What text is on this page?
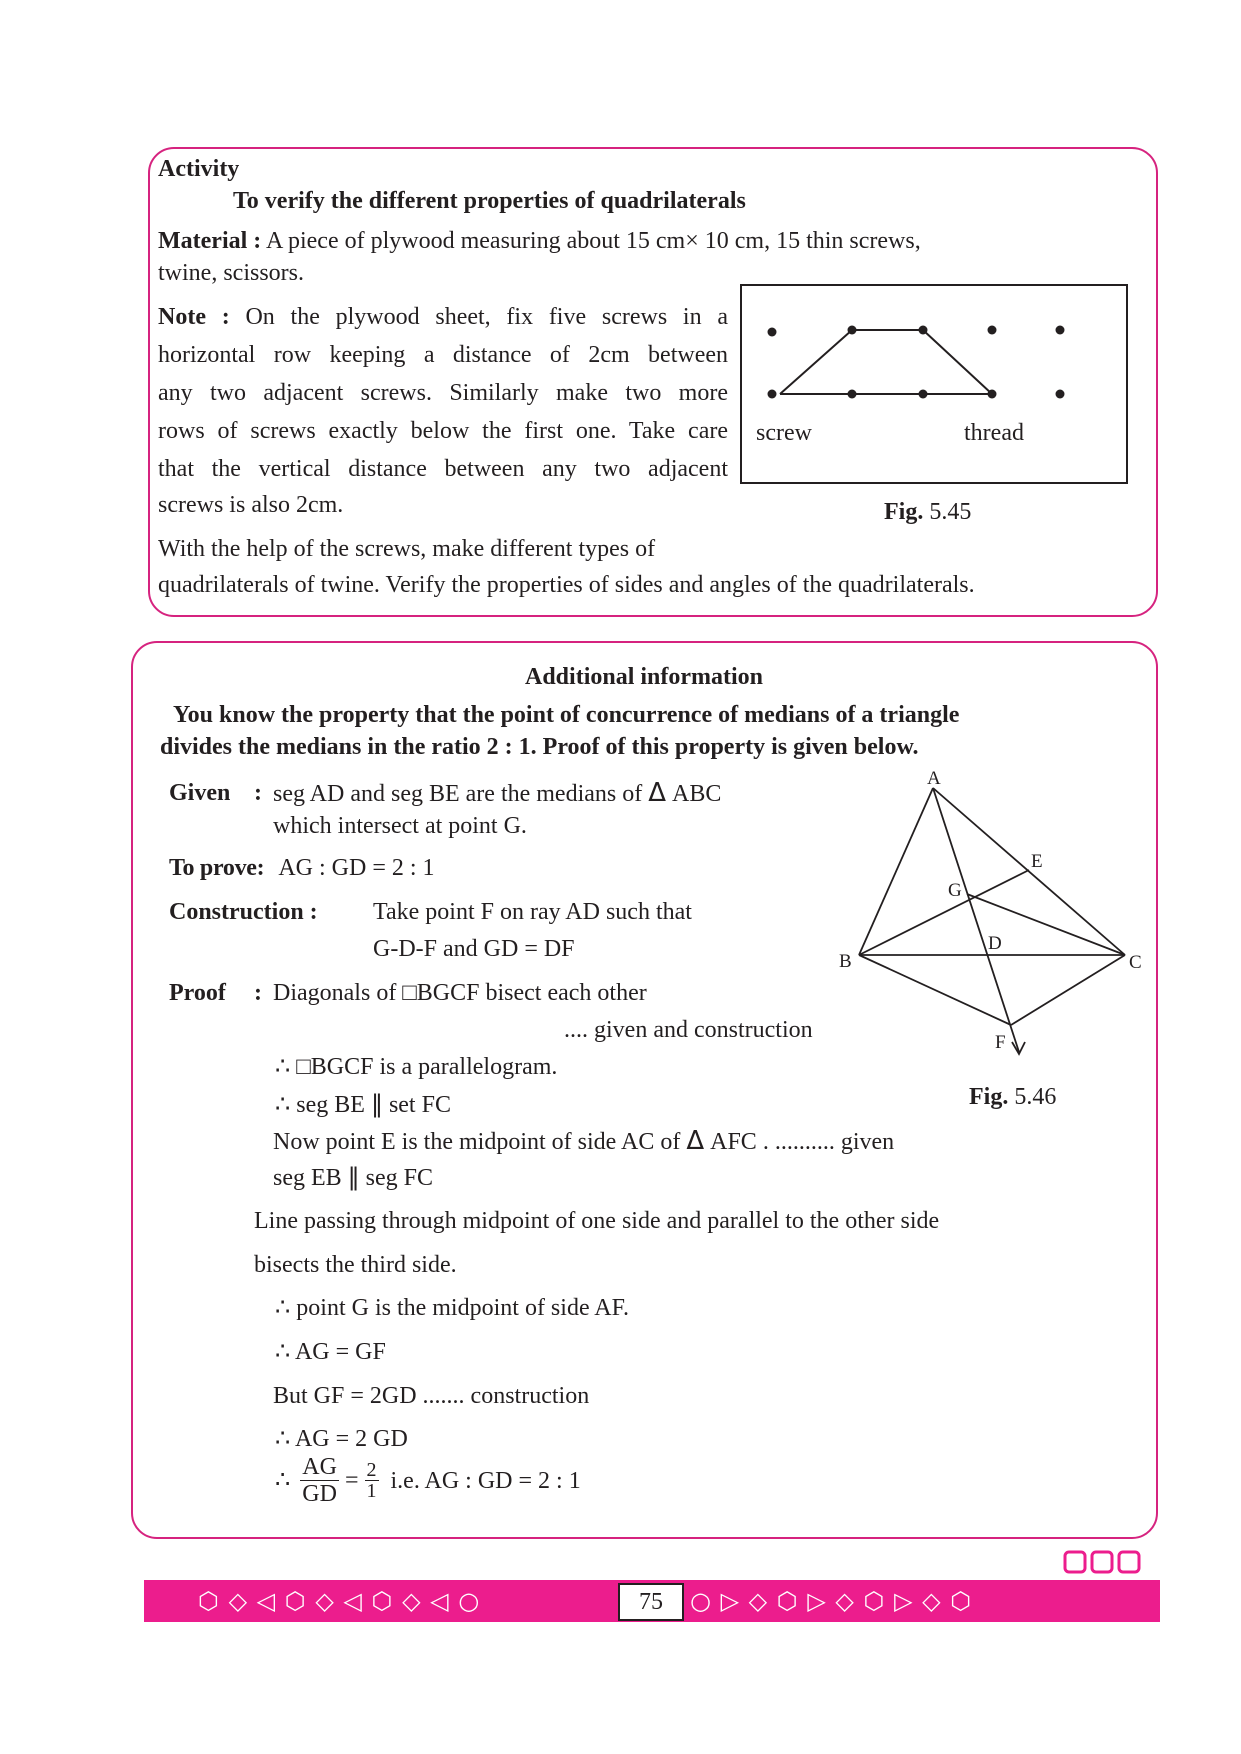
Activity
To verify the different properties of quadrilaterals
Material : A piece of plywood measuring about 15 cm× 10 cm, 15 thin screws,
twine, scissors.
Note : On the plywood sheet, fix five screws in a
horizontal row keeping a distance of 2cm between
any two adjacent screws. Similarly make two more
rows of screws exactly below the first one. Take care
that the vertical distance between any two adjacent
screws is also 2cm.
With the help of the screws, make different types of
quadrilaterals of twine. Verify the properties of sides and angles of the quadrilaterals.
screw	thread
Fig. 5.45
Additional information
You know the property that the point of concurrence of medians of a triangle
divides the medians in the ratio 2 : 1. Proof of this property is given below.
Given : seg AD and seg BE are the medians of Δ ABC
which intersect at point G.
To prove: AG : GD = 2 : 1
Construction : Take point F on ray AD such that
G-D-F and GD = DF
Proof : Diagonals of □BGCF bisect each other
.... given and construction
∴ □BGCF is a parallelogram.
∴ seg BE ‖ set FC
Now point E is the midpoint of side AC of Δ AFC . .......... given
seg EB ‖ seg FC
Line passing through midpoint of one side and parallel to the other side
bisects the third side.
∴ point G is the midpoint of side AF.
∴ AG = GF
But GF = 2GD ....... construction
∴ AG = 2 GD
∴ $\frac{AG}{GD} = \frac{2}{1} i.e$. AG : GD = 2 : 1
A
B	C
D
E
F
G
Fig. 5.46
⬡ ◇ ◁ ⬡ ◇ ◁ ⬡ ◇ ◁ ○	75	○ ▷ ◇ ⬡ ▷ ◇ ⬡ ▷ ◇ ⬡
